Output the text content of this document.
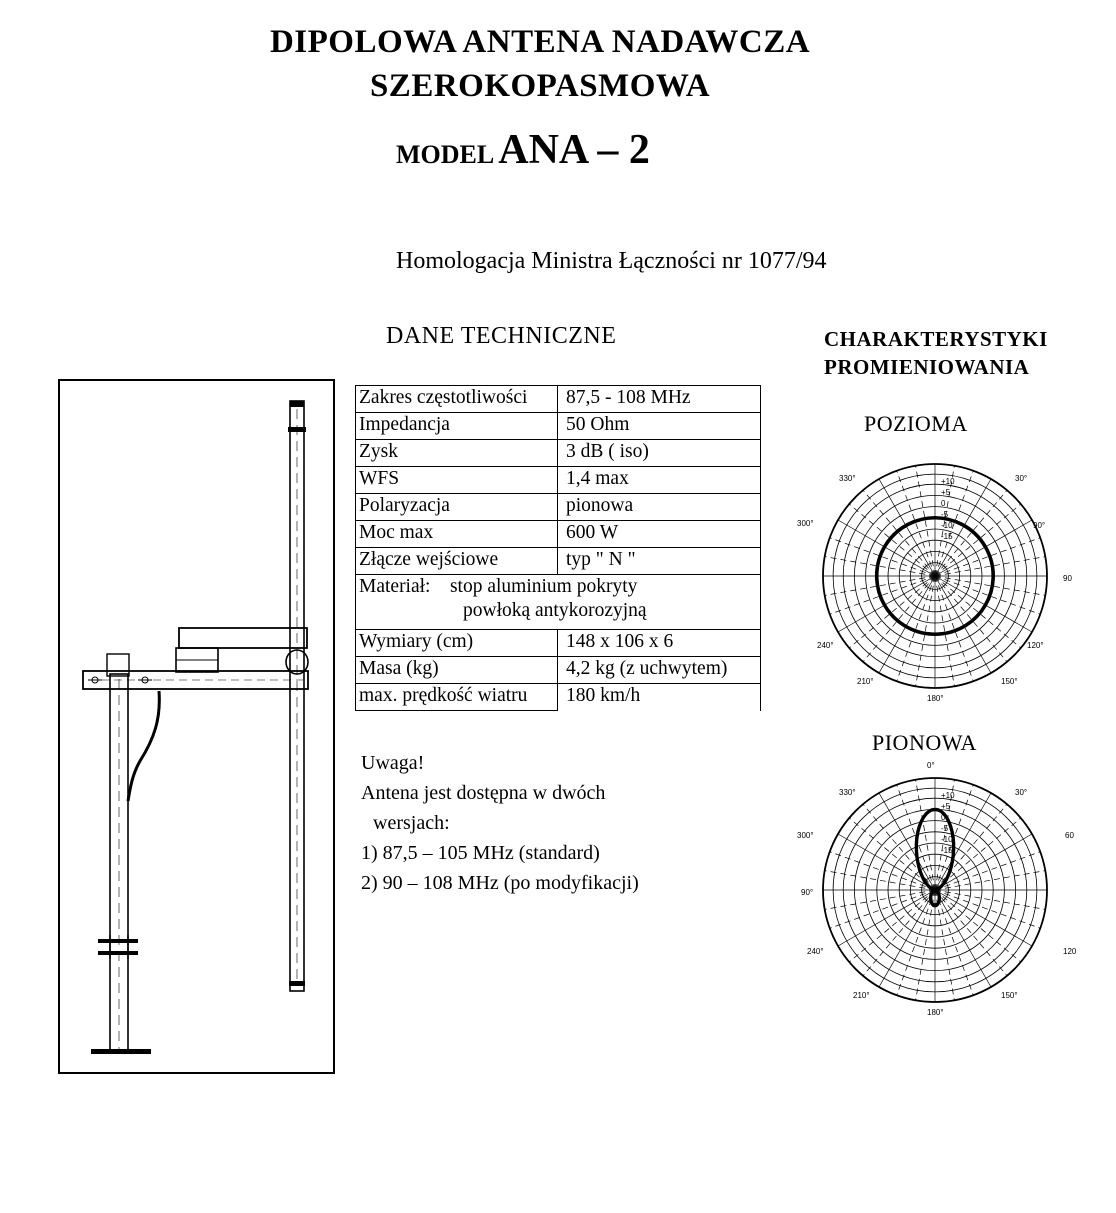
DIPOLOWA ANTENA NADAWCZA
SZEROKOPASMOWA
MODEL ANA – 2
Homologacja Ministra Łączności nr 1077/94
DANE TECHNICZNE	CHARAKTERYSTYKI
PROMIENIOWANIA
POZIOMA
PIONOWA
Zakres częstotliwości	87,5 - 108 MHz
Impedancja	50 Ohm
Zysk	3 dB ( iso)
WFS	1,4 max
Polaryzacja	pionowa
Moc max	600 W
Złącze wejściowe	typ " N "

Materiał: stop aluminium pokryty
powłoką antykorozyjną	

Wymiary (cm)	148 x 106 x 6
Masa (kg)	4,2 kg (z uchwytem)
max. prędkość wiatru	180 km/h
Uwaga!
Antena jest dostępna w dwóch
wersjach:
1) 87,5 – 105 MHz (standard)
2) 90 – 108 MHz (po modyfikacji)
+10
+5
0
-5
-10
-15
330°	30°
300°	90°
90
240°	120°
210°	150°
180°
+10
+5
0
-5
-10
-15
0°
330°	30°
300°	60
90°
240°	120
210°	150°
180°
